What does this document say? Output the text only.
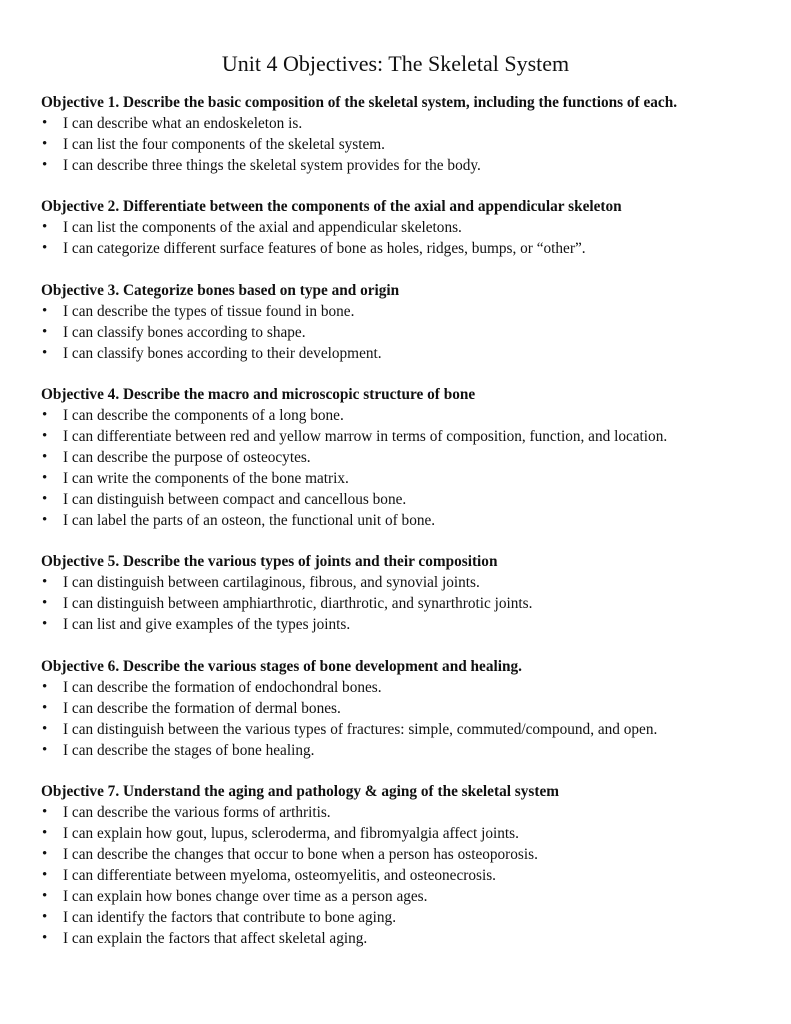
Unit 4 Objectives: The Skeletal System
Objective 1. Describe the basic composition of the skeletal system, including the functions of each.
• I can describe what an endoskeleton is.
• I can list the four components of the skeletal system.
• I can describe three things the skeletal system provides for the body.
Objective 2. Differentiate between the components of the axial and appendicular skeleton
• I can list the components of the axial and appendicular skeletons.
• I can categorize different surface features of bone as holes, ridges, bumps, or “other”.
Objective 3. Categorize bones based on type and origin
• I can describe the types of tissue found in bone.
• I can classify bones according to shape.
• I can classify bones according to their development.
Objective 4. Describe the macro and microscopic structure of bone
• I can describe the components of a long bone.
• I can differentiate between red and yellow marrow in terms of composition, function, and location.
• I can describe the purpose of osteocytes.
• I can write the components of the bone matrix.
• I can distinguish between compact and cancellous bone.
• I can label the parts of an osteon, the functional unit of bone.
Objective 5. Describe the various types of joints and their composition
• I can distinguish between cartilaginous, fibrous, and synovial joints.
• I can distinguish between amphiarthrotic, diarthrotic, and synarthrotic joints.
• I can list and give examples of the types joints.
Objective 6. Describe the various stages of bone development and healing.
• I can describe the formation of endochondral bones.
• I can describe the formation of dermal bones.
• I can distinguish between the various types of fractures: simple, commuted/compound, and open.
• I can describe the stages of bone healing.
Objective 7. Understand the aging and pathology & aging of the skeletal system
• I can describe the various forms of arthritis.
• I can explain how gout, lupus, scleroderma, and fibromyalgia affect joints.
• I can describe the changes that occur to bone when a person has osteoporosis.
• I can differentiate between myeloma, osteomyelitis, and osteonecrosis.
• I can explain how bones change over time as a person ages.
• I can identify the factors that contribute to bone aging.
• I can explain the factors that affect skeletal aging.
